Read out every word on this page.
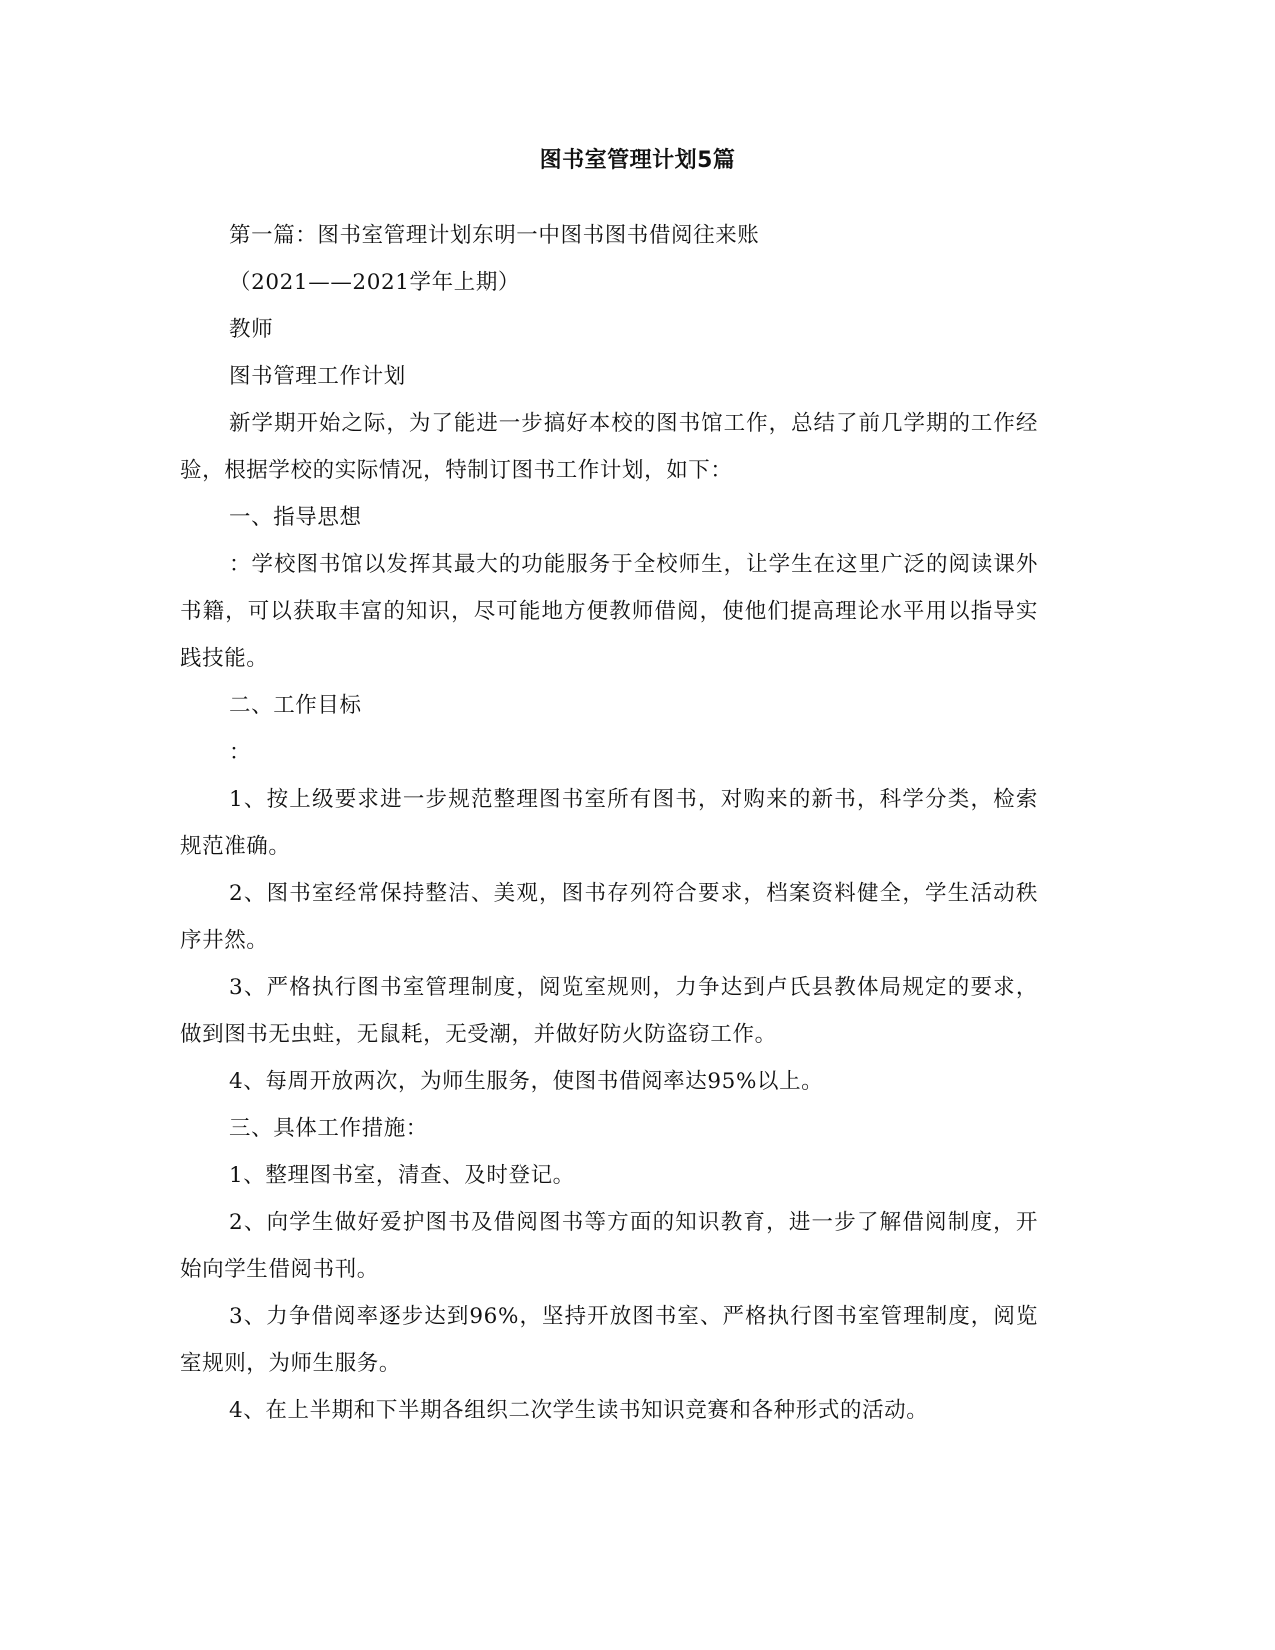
图书室管理计划5篇

第一篇：图书室管理计划东明一中图书图书借阅往来账

（2021——2021学年上期）

教师

图书管理工作计划

新学期开始之际，为了能进一步搞好本校的图书馆工作，总结了前几学期的工作经验，根据学校的实际情况，特制订图书工作计划，如下：

一、指导思想

：学校图书馆以发挥其最大的功能服务于全校师生，让学生在这里广泛的阅读课外书籍，可以获取丰富的知识，尽可能地方便教师借阅，使他们提高理论水平用以指导实践技能。

二、工作目标

：

1、按上级要求进一步规范整理图书室所有图书，对购来的新书，科学分类，检索规范准确。

2、图书室经常保持整洁、美观，图书存列符合要求，档案资料健全，学生活动秩序井然。

3、严格执行图书室管理制度，阅览室规则，力争达到卢氏县教体局规定的要求，做到图书无虫蛀，无鼠耗，无受潮，并做好防火防盗窃工作。

4、每周开放两次，为师生服务，使图书借阅率达95%以上。

三、具体工作措施：

1、整理图书室，清查、及时登记。

2、向学生做好爱护图书及借阅图书等方面的知识教育，进一步了解借阅制度，开始向学生借阅书刊。

3、力争借阅率逐步达到96%，坚持开放图书室、严格执行图书室管理制度，阅览室规则，为师生服务。

4、在上半期和下半期各组织二次学生读书知识竞赛和各种形式的活动。
